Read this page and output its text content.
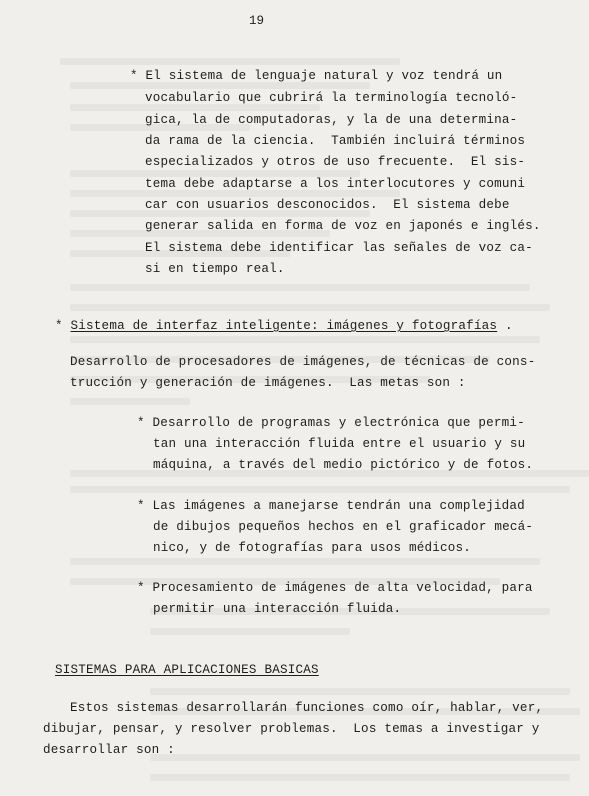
19
* El sistema de lenguaje natural y voz tendrá un
vocabulario que cubrirá la terminología tecnoló-
gica, la de computadoras, y la de una determina-
da rama de la ciencia.  También incluirá términos
especializados y otros de uso frecuente.  El sis-
tema debe adaptarse a los interlocutores y comuni
car con usuarios desconocidos.  El sistema debe
generar salida en forma de voz en japonés e inglés.
El sistema debe identificar las señales de voz ca-
si en tiempo real.
* Sistema de interfaz inteligente: imágenes y fotografías .
Desarrollo de procesadores de imágenes, de técnicas de cons-
trucción y generación de imágenes.  Las metas son :
* Desarrollo de programas y electrónica que permi-
tan una interacción fluida entre el usuario y su
máquina, a través del medio pictórico y de fotos.
* Las imágenes a manejarse tendrán una complejidad
de dibujos pequeños hechos en el graficador mecá-
nico, y de fotografías para usos médicos.
* Procesamiento de imágenes de alta velocidad, para
permitir una interacción fluida.
SISTEMAS PARA APLICACIONES BASICAS
Estos sistemas desarrollarán funciones como oír, hablar, ver,
dibujar, pensar, y resolver problemas.  Los temas a investigar y
desarrollar son :
